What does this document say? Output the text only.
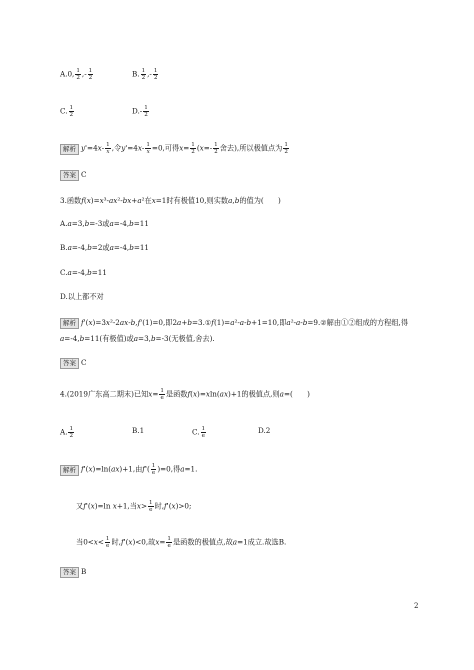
A.0, $\frac{1}{2}$ ,- $\frac{1}{2}$	B. $\frac{1}{2}$ ,- $\frac{1}{2}$
C. $\frac{1}{2}$	$D.- \frac{1}{2}$
解析 $y'=4x- \frac{1}{x}$ ,令$y'=4x- \frac{1}{x} =0$,可得$x= \frac{1}{2} (x=- \frac{1}{2}$ 舍去),所以极值点为 $\frac{1}{2}$
答案 C
3.函数f(x)=x³-ax²-bx+a²在x=1时有极值10,则实数a,b的值为(　　)
A.a=3,b=-3或a=-4,b=11
B.a=-4,b=2或a=-4,b=11
C.a=-4,b=11
D.以上都不对
解析 f'(x)=3x²-2ax-b,f'(1)=0,即2a+b=3.①f(1)=a²-a-b+1=10,即a²-a-b=9.②解由①②组成的方程组,得
a=-4,b=11(有极值)或a=3,b=-3(无极值,舍去).
答案 C
4.(2019广东高二期末)已知$x= \frac{1}{e}$ 是函数f(x)=xln(ax)+1的极值点,则a=(　　)
A. $\frac{1}{2}$	B.1	C. $\frac{1}{e}$	D.2
解析 f'(x)=ln(ax)+1,由$f'( \frac{1}{e} )=0$,得a=1.
又f'(x)=ln x+1,当$x> \frac{1}{e}$ 时,f'(x)>0;
当$0<x< \frac{1}{e}$ 时,f'(x)<0,故$x= \frac{1}{e}$ 是函数的极值点,故a=1成立.故选B.
答案 B
2
